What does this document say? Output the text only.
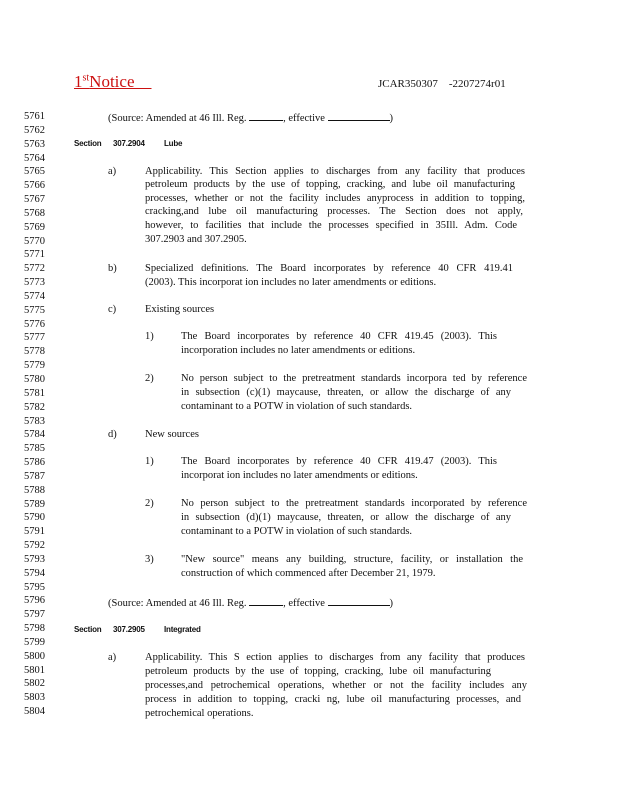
1stNotice	JCAR350307    -2207274r01
5761
5762
5763
5764
5765
5766
5767
5768
5769
5770
5771
5772
5773
5774
5775
5776
5777
5778
5779
5780
5781
5782
5783
5784
5785
5786
5787
5788
5789
5790
5791
5792
5793
5794
5795
5796
5797
5798
5799
5800
5801
5802
5803
5804
(Source: Amended at 46 Ill. Reg.	, effective	)
Section 307.2904 Lube
a)	Applicability. This Section applies to discharges from any facility that produces
petroleum products by the use of topping, cracking, and lube oil manufacturing
processes, whether or not the facility includes anyprocess in addition to topping,
cracking,and lube oil manufacturing processes. The Section does not apply,
however, to facilities that include the processes specified in 35Ill. Adm. Code
307.2903 and 307.2905.
b)	Specialized definitions. The Board incorporates by reference 40 CFR 419.41
(2003). This incorporat ion includes no later amendments or editions.
c)	Existing sources
1)	The Board incorporates by reference 40 CFR 419.45 (2003). This
incorporation includes no later amendments or editions.
2)	No person subject to the pretreatment standards incorpora ted by reference
in subsection (c)(1) maycause, threaten, or allow the discharge of any
contaminant to a POTW in violation of such standards.
d)	New sources
1)	The Board incorporates by reference 40 CFR 419.47 (2003). This
incorporat ion includes no later amendments or editions.
2)	No person subject to the pretreatment standards incorporated by reference
in subsection (d)(1) maycause, threaten, or allow the discharge of any
contaminant to a POTW in violation of such standards.
3)	"New source" means any building, structure, facility, or installation the
construction of which commenced after December 21, 1979.
(Source: Amended at 46 Ill. Reg.	, effective	)
Section 307.2905 Integrated
a)	Applicability. This S ection applies to discharges from any facility that produces
petroleum products by the use of topping, cracking, lube oil manufacturing
processes,and petrochemical operations, whether or not the facility includes any
process in addition to topping, cracki ng, lube oil manufacturing processes, and
petrochemical operations.
